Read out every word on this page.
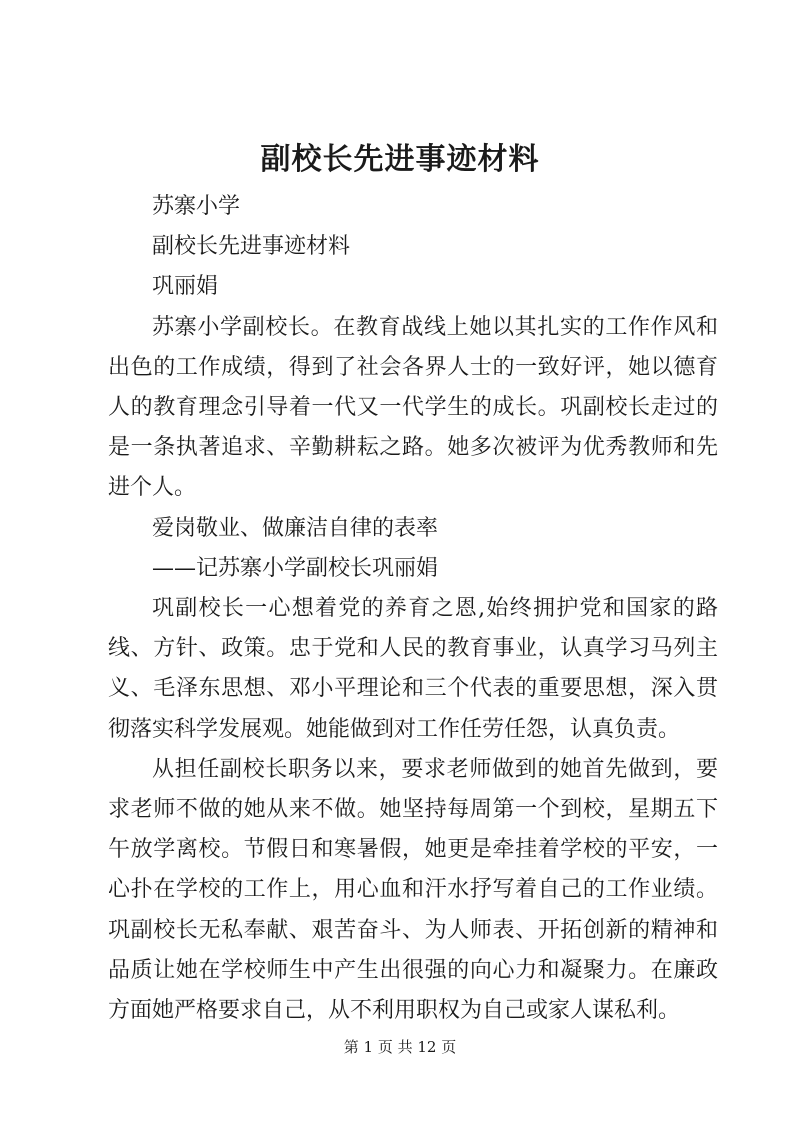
副校长先进事迹材料

苏寨小学

副校长先进事迹材料

巩丽娟

苏寨小学副校长。在教育战线上她以其扎实的工作作风和出色的工作成绩，得到了社会各界人士的一致好评，她以德育人的教育理念引导着一代又一代学生的成长。巩副校长走过的是一条执著追求、辛勤耕耘之路。她多次被评为优秀教师和先进个人。

爱岗敬业、做廉洁自律的表率

——记苏寨小学副校长巩丽娟

巩副校长一心想着党的养育之恩,始终拥护党和国家的路线、方针、政策。忠于党和人民的教育事业，认真学习马列主义、毛泽东思想、邓小平理论和三个代表的重要思想，深入贯彻落实科学发展观。她能做到对工作任劳任怨，认真负责。

从担任副校长职务以来，要求老师做到的她首先做到，要求老师不做的她从来不做。她坚持每周第一个到校，星期五下午放学离校。节假日和寒暑假，她更是牵挂着学校的平安，一心扑在学校的工作上，用心血和汗水抒写着自己的工作业绩。巩副校长无私奉献、艰苦奋斗、为人师表、开拓创新的精神和品质让她在学校师生中产生出很强的向心力和凝聚力。在廉政方面她严格要求自己，从不利用职权为自己或家人谋私利。

第 1 页 共 12 页
